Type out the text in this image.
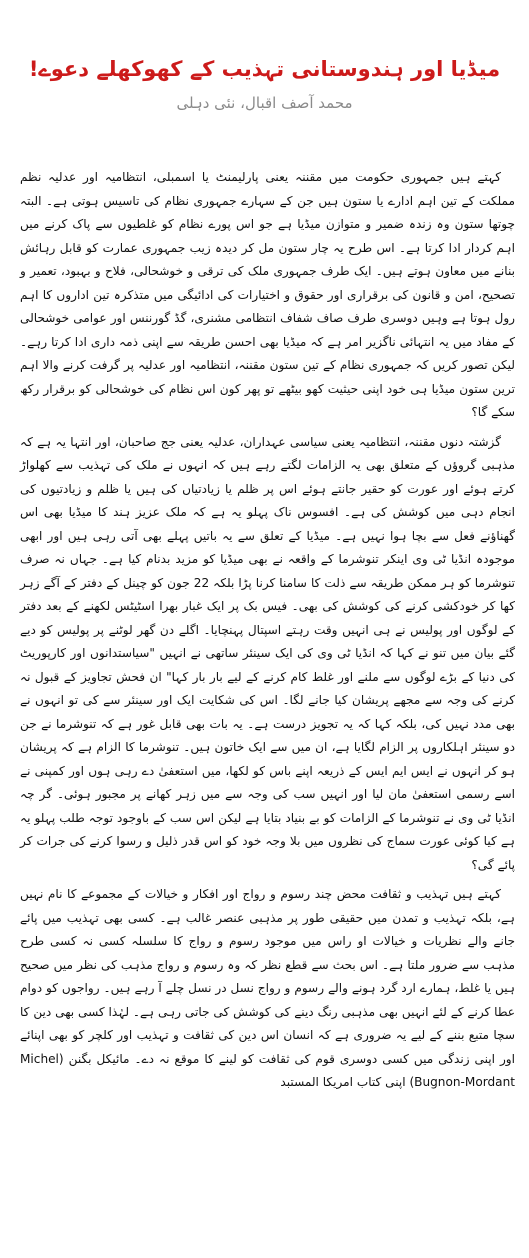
میڈیا اور ہندوستانی تہذیب کے کھوکھلے دعوے!
محمد آصف اقبال، نئی دہلی

کہتے ہیں جمہوری حکومت میں مقننہ یعنی پارلیمنٹ یا اسمبلی، انتظامیہ اور عدلیہ نظم مملکت کے تین اہم ادارے یا ستون ہیں جن کے سہارے جمہوری نظام کی تاسیس ہوتی ہے۔ البتہ چوتھا ستون وہ زندہ ضمیر و متوازن میڈیا ہے جو اس پورے نظام کو غلطیوں سے پاک کرنے میں اہم کردار ادا کرتا ہے۔ اس طرح یہ چار ستون مل کر دیدہ زیب جمہوری عمارت کو قابل رہائش بنانے میں معاون ہوتے ہیں۔ ایک طرف جمہوری ملک کی ترقی و خوشحالی، فلاح و بہبود، تعمیر و تصحیح، امن و قانون کی برقراری اور حقوق و اختیارات کی ادائیگی میں متذکرہ تین اداروں کا اہم رول ہوتا ہے وہیں دوسری طرف صاف شفاف انتظامی مشنری، گڈ گورننس اور عوامی خوشحالی کے مفاد میں یہ انتہائی ناگزیر امر ہے کہ میڈیا بھی احسن طریقہ سے اپنی ذمہ داری ادا کرتا رہے۔ لیکن تصور کریں کہ جمہوری نظام کے تین ستون مقننہ، انتظامیہ اور عدلیہ پر گرفت کرنے والا اہم ترین ستون میڈیا ہی خود اپنی حیثیت کھو بیٹھے تو پھر کون اس نظام کی خوشحالی کو برقرار رکھ سکے گا؟

گزشتہ دنوں مقننہ، انتظامیہ یعنی سیاسی عہداران، عدلیہ یعنی جج صاحبان، اور انتہا یہ ہے کہ مذہبی گروؤں کے متعلق بھی یہ الزامات لگتے رہے ہیں کہ انہوں نے ملک کی تہذیب سے کھلواڑ کرتے ہوئے اور عورت کو حقیر جانتے ہوئے اس پر ظلم یا زیادتیاں کی ہیں یا ظلم و زیادتیوں کی انجام دہی میں کوشش کی ہے۔ افسوس ناک پہلو یہ ہے کہ ملک عزیز ہند کا میڈیا بھی اس گھناؤنے فعل سے بچا ہوا نہیں ہے۔ میڈیا کے تعلق سے یہ باتیں پہلے بھی آتی رہی ہیں اور ابھی موجودہ انڈیا ٹی وی اینکر تنوشرما کے واقعہ نے بھی میڈیا کو مزید بدنام کیا ہے۔ جہاں نہ صرف تنوشرما کو ہر ممکن طریقہ سے ذلت کا سامنا کرنا پڑا بلکہ 22 جون کو چینل کے دفتر کے آگے زہر کھا کر خودکشی کرنے کی کوشش کی بھی۔ فیس بک پر ایک غبار بھرا اسٹیٹس لکھنے کے بعد دفتر کے لوگوں اور پولیس نے ہی انہیں وقت رہتے اسپتال پہنچایا۔ اگلے دن گھر لوٹنے پر پولیس کو دیے گئے بیان میں تنو نے کہا کہ انڈیا ٹی وی کی ایک سینئر ساتھی نے انہیں "سیاستدانوں اور کارپوریٹ کی دنیا کے بڑے لوگوں سے ملنے اور غلط کام کرنے کے لیے بار بار کہا" ان فحش تجاویز کے قبول نہ کرنے کی وجہ سے مجھے پریشان کیا جانے لگا۔ اس کی شکایت ایک اور سینئر سے کی تو انہوں نے بھی مدد نہیں کی، بلکہ کہا کہ یہ تجویز درست ہے۔ یہ بات بھی قابل غور ہے کہ تنوشرما نے جن دو سینئر اہلکاروں پر الزام لگایا ہے، ان میں سے ایک خاتون ہیں۔ تنوشرما کا الزام ہے کہ پریشان ہو کر انہوں نے ایس ایم ایس کے ذریعہ اپنے باس کو لکھا، میں استعفیٰ دے رہی ہوں اور کمپنی نے اسے رسمی استعفیٰ مان لیا اور انہیں سب کی وجہ سے میں زہر کھانے پر مجبور ہوئی۔ گر چہ انڈیا ٹی وی نے تنوشرما کے الزامات کو بے بنیاد بتایا ہے لیکن اس سب کے باوجود توجہ طلب پہلو یہ ہے کیا کوئی عورت سماج کی نظروں میں بلا وجہ خود کو اس قدر ذلیل و رسوا کرنے کی جرات کر پائے گی؟

کہتے ہیں تہذیب و ثقافت محض چند رسوم و رواج اور افکار و خیالات کے مجموعے کا نام نہیں ہے، بلکہ تہذیب و تمدن میں حقیقی طور پر مذہبی عنصر غالب ہے۔ کسی بھی تہذیب میں پائے جانے والے نظریات و خیالات او راس میں موجود رسوم و رواج کا سلسلہ کسی نہ کسی طرح مذہب سے ضرور ملتا ہے۔ اس بحث سے قطع نظر کہ وہ رسوم و رواج مذہب کی نظر میں صحیح ہیں یا غلط، ہمارے ارد گرد ہونے والے رسوم و رواج نسل در نسل چلے آ رہے ہیں۔ رواجوں کو دوام عطا کرنے کے لئے انہیں بھی مذہبی رنگ دینے کی کوشش کی جاتی رہی ہے۔ لہٰذا کسی بھی دین کا سچا متبع بننے کے لیے یہ ضروری ہے کہ انسان اس دین کی ثقافت و تہذیب اور کلچر کو بھی اپنائے اور اپنی زندگی میں کسی دوسری قوم کی ثقافت کو لینے کا موقع نہ دے۔ مائیکل بگنن (Michel Bugnon-Mordant) اپنی کتاب امریکا المستبد
